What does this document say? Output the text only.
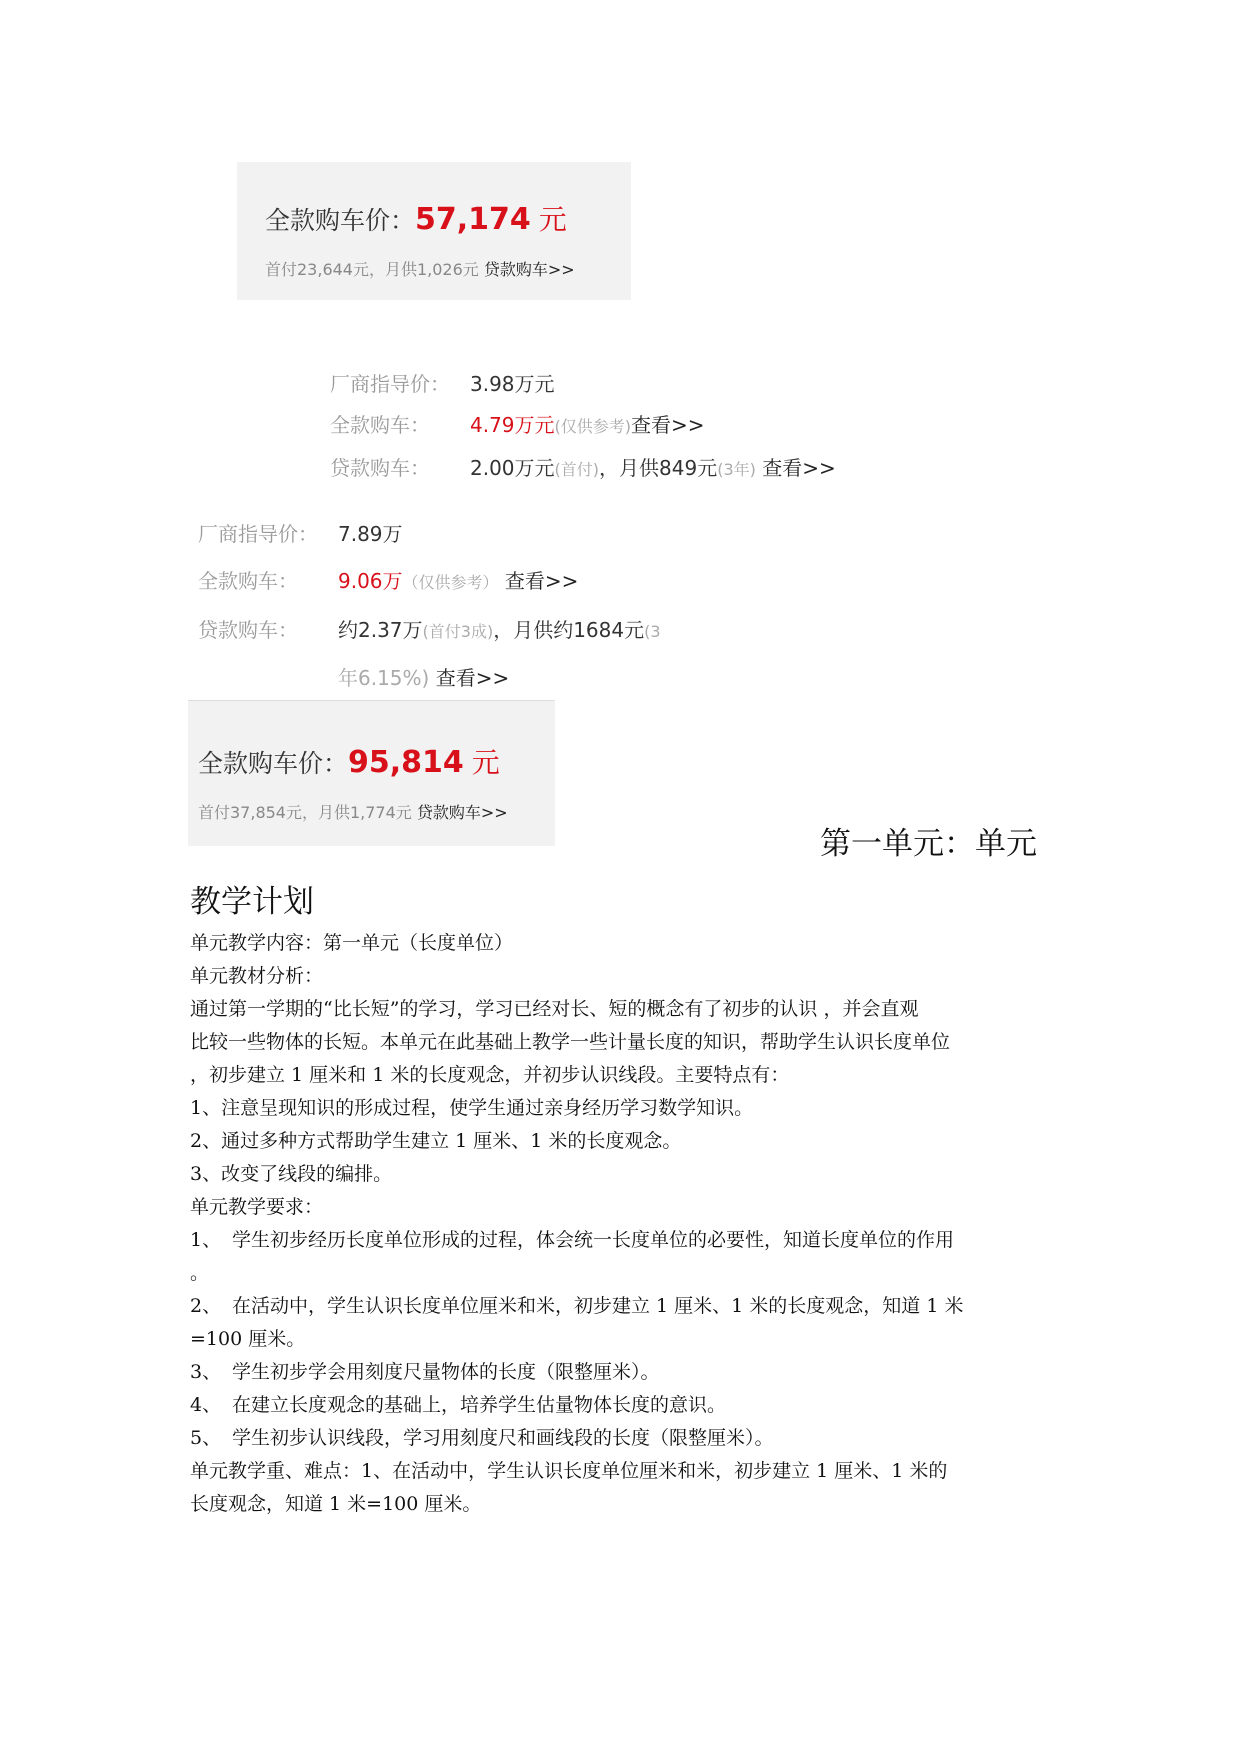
全款购车价：57,174 元
首付23,644元，月供1,026元 贷款购车>>
厂商指导价： 3.98万元
全款购车： 4.79万元(仅供参考)查看>>
贷款购车： 2.00万元(首付)，月供849元(3年) 查看>>
厂商指导价： 7.89万
全款购车： 9.06万（仅供参考） 查看>>
贷款购车： 约2.37万(首付3成)，月供约1684元(3
年6.15%) 查看>>
全款购车价：95,814 元
首付37,854元，月供1,774元 贷款购车>>
第一单元：单元
教学计划
单元教学内容：第一单元（长度单位）
单元教材分析：
通过第一学期的“比长短”的学习，学习已经对长、短的概念有了初步的认识 ，并会直观
比较一些物体的长短。本单元在此基础上教学一些计量长度的知识，帮助学生认识长度单位
，初步建立 1 厘米和 1 米的长度观念，并初步认识线段。主要特点有：
1、注意呈现知识的形成过程，使学生通过亲身经历学习数学知识。
2、通过多种方式帮助学生建立 1 厘米、1 米的长度观念。
3、改变了线段的编排。
单元教学要求：
1、 学生初步经历长度单位形成的过程，体会统一长度单位的必要性，知道长度单位的作用
。
2、 在活动中，学生认识长度单位厘米和米，初步建立 1 厘米、1 米的长度观念，知道 1 米
=100 厘米。
3、 学生初步学会用刻度尺量物体的长度（限整厘米）。
4、 在建立长度观念的基础上，培养学生估量物体长度的意识。
5、 学生初步认识线段，学习用刻度尺和画线段的长度（限整厘米）。
单元教学重、难点：1、在活动中，学生认识长度单位厘米和米，初步建立 1 厘米、1 米的
长度观念，知道 1 米=100 厘米。
